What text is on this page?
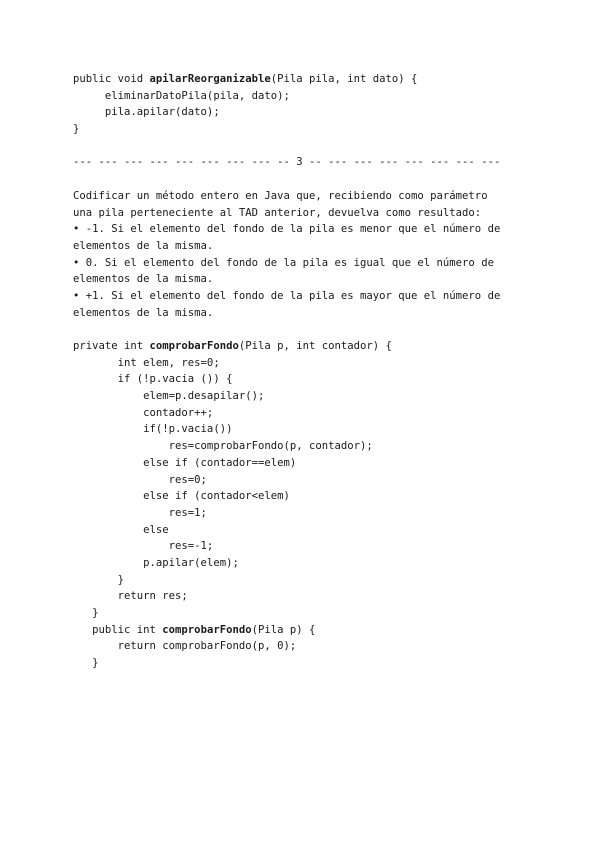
public void apilarReorganizable(Pila pila, int dato) {
eliminarDatoPila(pila, dato);
pila.apilar(dato);
}
--- --- --- --- --- --- --- --- -- 3 -- --- --- --- --- --- --- ---
Codificar un método entero en Java que, recibiendo como parámetro
una pila perteneciente al TAD anterior, devuelva como resultado:
• -1. Si el elemento del fondo de la pila es menor que el número de
elementos de la misma.
• 0. Si el elemento del fondo de la pila es igual que el número de
elementos de la misma.
• +1. Si el elemento del fondo de la pila es mayor que el número de
elementos de la misma.
private int comprobarFondo(Pila p, int contador) {
int elem, res=0;
if (!p.vacia ()) {
elem=p.desapilar();
contador++;
if(!p.vacia())
res=comprobarFondo(p, contador);
else if (contador==elem)
res=0;
else if (contador<elem)
res=1;
else
res=-1;
p.apilar(elem);
}
return res;
}
public int comprobarFondo(Pila p) {
return comprobarFondo(p, 0);
}
